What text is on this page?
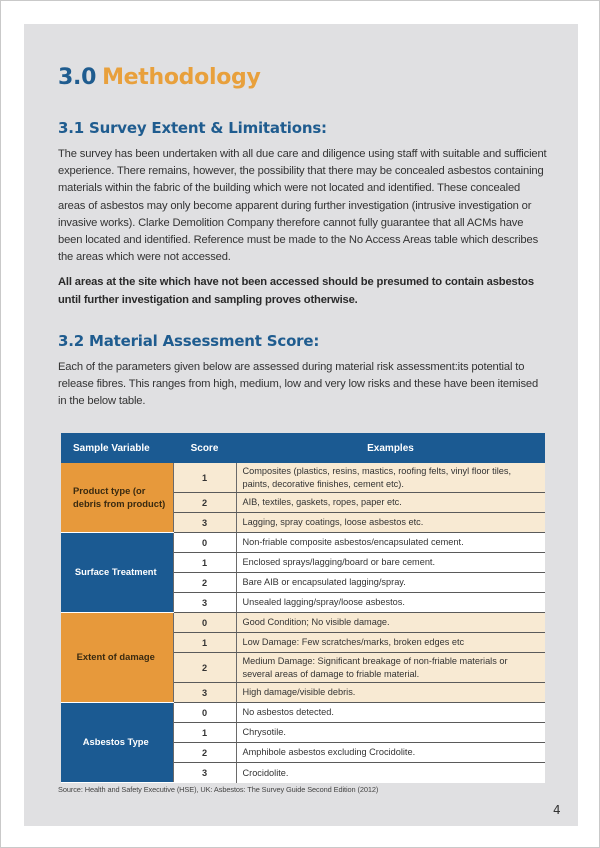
3.0 Methodology
3.1 Survey Extent & Limitations:
The survey has been undertaken with all due care and diligence using staff with suitable and sufficient experience. There remains, however, the possibility that there may be concealed asbestos containing materials within the fabric of the building which were not located and identified. These concealed areas of asbestos may only become apparent during further investigation (intrusive investigation or invasive works). Clarke Demolition Company therefore cannot fully guarantee that all ACMs have been located and identified. Reference must be made to the No Access Areas table which describes the areas which were not accessed.
All areas at the site which have not been accessed should be presumed to contain asbestos until further investigation and sampling proves otherwise.
3.2 Material Assessment Score:
Each of the parameters given below are assessed during material risk assessment:its potential to release fibres. This ranges from high, medium, low and very low risks and these have been itemised in the below table.
Sample Variable	Score	Examples
Product type (or debris from product)	1	Composites (plastics, resins, mastics, roofing felts, vinyl floor tiles, paints, decorative finishes, cement etc).
	2	AIB, textiles, gaskets, ropes, paper etc.
	3	Lagging, spray coatings, loose asbestos etc.
Surface Treatment	0	Non-friable composite asbestos/encapsulated cement.
	1	Enclosed sprays/lagging/board or bare cement.
	2	Bare AIB or encapsulated lagging/spray.
	3	Unsealed lagging/spray/loose asbestos.
Extent of damage	0	Good Condition; No visible damage.
	1	Low Damage: Few scratches/marks, broken edges etc
	2	Medium Damage: Significant breakage of non-friable materials or several areas of damage to friable material.
	3	High damage/visible debris.
Asbestos Type	0	No asbestos detected.
	1	Chrysotile.
	2	Amphibole asbestos excluding Crocidolite.
	3	Crocidolite.
Source: Health and Safety Executive (HSE), UK: Asbestos: The Survey Guide Second Edition (2012)
4
